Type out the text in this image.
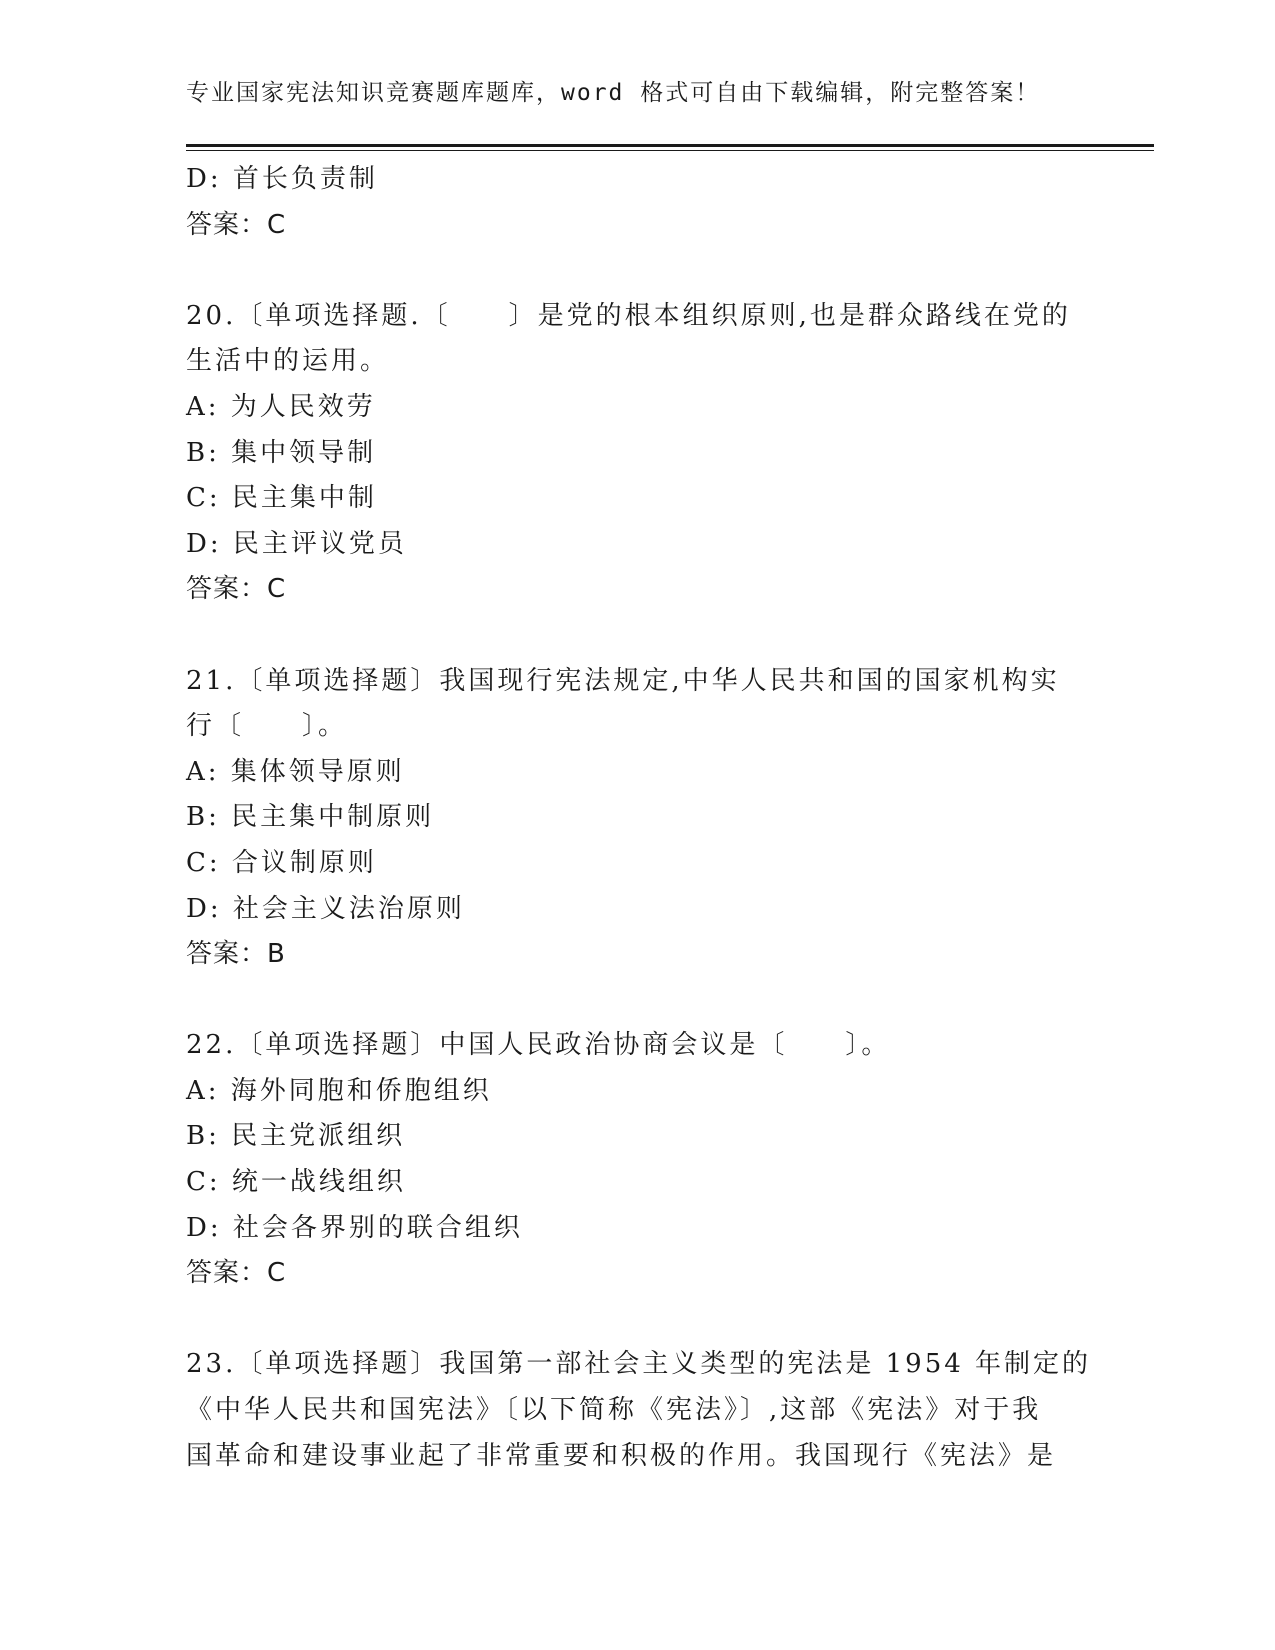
专业国家宪法知识竞赛题库题库，word 格式可自由下载编辑，附完整答案！
D: 首长负责制
答案：C
20.〔单项选择题.〔　　〕是党的根本组织原则,也是群众路线在党的
生活中的运用。
A: 为人民效劳
B: 集中领导制
C: 民主集中制
D: 民主评议党员
答案：C
21.〔单项选择题〕我国现行宪法规定,中华人民共和国的国家机构实
行〔　　〕。
A: 集体领导原则
B: 民主集中制原则
C: 合议制原则
D: 社会主义法治原则
答案：B
22.〔单项选择题〕中国人民政治协商会议是〔　　〕。
A: 海外同胞和侨胞组织
B: 民主党派组织
C: 统一战线组织
D: 社会各界别的联合组织
答案：C
23.〔单项选择题〕我国第一部社会主义类型的宪法是 1954 年制定的
《中华人民共和国宪法》〔以下简称《宪法》〕,这部《宪法》对于我
国革命和建设事业起了非常重要和积极的作用。我国现行《宪法》是
